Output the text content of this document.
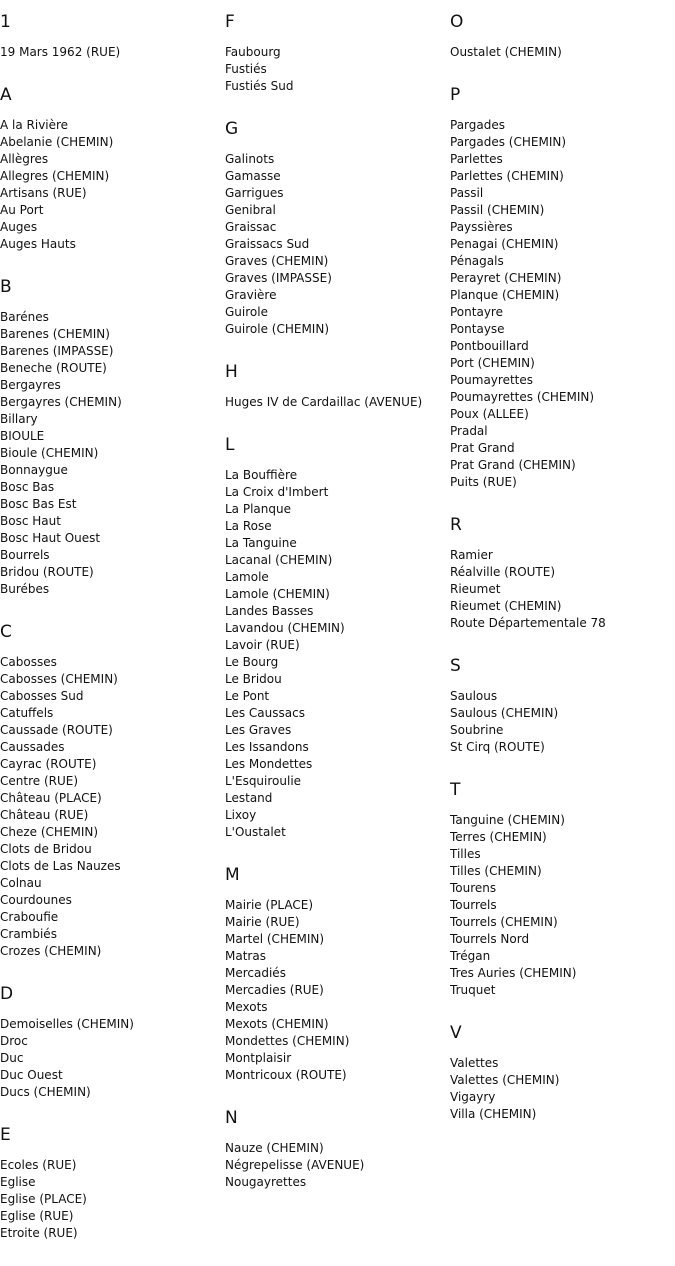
1
19 Mars 1962 (RUE)
A
A la Rivière
Abelanie (CHEMIN)
Allègres
Allegres (CHEMIN)
Artisans (RUE)
Au Port
Auges
Auges Hauts
B
Barénes
Barenes (CHEMIN)
Barenes (IMPASSE)
Beneche (ROUTE)
Bergayres
Bergayres (CHEMIN)
Billary
BIOULE
Bioule (CHEMIN)
Bonnaygue
Bosc Bas
Bosc Bas Est
Bosc Haut
Bosc Haut Ouest
Bourrels
Bridou (ROUTE)
Burébes
C
Cabosses
Cabosses (CHEMIN)
Cabosses Sud
Catuffels
Caussade (ROUTE)
Caussades
Cayrac (ROUTE)
Centre (RUE)
Château (PLACE)
Château (RUE)
Cheze (CHEMIN)
Clots de Bridou
Clots de Las Nauzes
Colnau
Courdounes
Craboufie
Crambiés
Crozes (CHEMIN)
D
Demoiselles (CHEMIN)
Droc
Duc
Duc Ouest
Ducs (CHEMIN)
E
Ecoles (RUE)
Eglise
Eglise (PLACE)
Eglise (RUE)
Etroite (RUE)
F
Faubourg
Fustiés
Fustiés Sud
G
Galinots
Gamasse
Garrigues
Genibral
Graissac
Graissacs Sud
Graves (CHEMIN)
Graves (IMPASSE)
Gravière
Guirole
Guirole (CHEMIN)
H
Huges IV de Cardaillac (AVENUE)
L
La Bouffière
La Croix d'Imbert
La Planque
La Rose
La Tanguine
Lacanal (CHEMIN)
Lamole
Lamole (CHEMIN)
Landes Basses
Lavandou (CHEMIN)
Lavoir (RUE)
Le Bourg
Le Bridou
Le Pont
Les Caussacs
Les Graves
Les Issandons
Les Mondettes
L'Esquiroulie
Lestand
Lixoy
L'Oustalet
M
Mairie (PLACE)
Mairie (RUE)
Martel (CHEMIN)
Matras
Mercadiés
Mercadies (RUE)
Mexots
Mexots (CHEMIN)
Mondettes (CHEMIN)
Montplaisir
Montricoux (ROUTE)
N
Nauze (CHEMIN)
Négrepelisse (AVENUE)
Nougayrettes
O
Oustalet (CHEMIN)
P
Pargades
Pargades (CHEMIN)
Parlettes
Parlettes (CHEMIN)
Passil
Passil (CHEMIN)
Payssières
Penagai (CHEMIN)
Pénagals
Perayret (CHEMIN)
Planque (CHEMIN)
Pontayre
Pontayse
Pontbouillard
Port (CHEMIN)
Poumayrettes
Poumayrettes (CHEMIN)
Poux (ALLEE)
Pradal
Prat Grand
Prat Grand (CHEMIN)
Puits (RUE)
R
Ramier
Réalville (ROUTE)
Rieumet
Rieumet (CHEMIN)
Route Départementale 78
S
Saulous
Saulous (CHEMIN)
Soubrine
St Cirq (ROUTE)
T
Tanguine (CHEMIN)
Terres (CHEMIN)
Tilles
Tilles (CHEMIN)
Tourens
Tourrels
Tourrels (CHEMIN)
Tourrels Nord
Trégan
Tres Auries (CHEMIN)
Truquet
V
Valettes
Valettes (CHEMIN)
Vigayry
Villa (CHEMIN)
